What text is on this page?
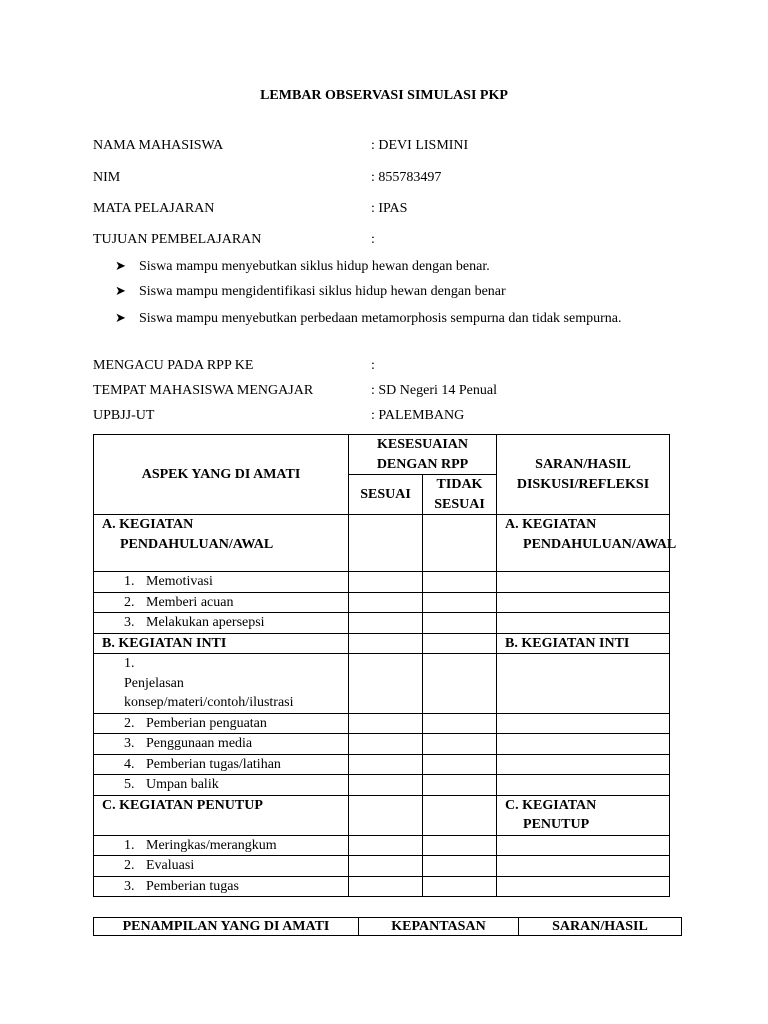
LEMBAR OBSERVASI SIMULASI PKP
NAMA MAHASISWA	: DEVI LISMINI
NIM	: 855783497
MATA PELAJARAN	: IPAS
TUJUAN PEMBELAJARAN	:
➤ Siswa mampu menyebutkan siklus hidup hewan dengan benar.
➤ Siswa mampu mengidentifikasi siklus hidup hewan dengan benar
➤ Siswa mampu menyebutkan perbedaan metamorphosis sempurna dan tidak sempurna.
MENGACU PADA RPP KE	:
TEMPAT MAHASISWA MENGAJAR	: SD Negeri 14 Penual
UPBJJ-UT	: PALEMBANG
ASPEK YANG DI AMATI	KESESUAIAN DENGAN RPP		SARAN/HASIL DISKUSI/REFLEKSI
	SESUAI	TIDAK SESUAI	

A. KEGIATAN PENDAHULUAN/AWAL			A. KEGIATAN PENDAHULUAN/AWAL

1. Memotivasi			
2. Memberi acuan			
3. Melakukan apersepsi			
B. KEGIATAN INTI			B. KEGIATAN INTI
1.Penjelasan konsep/materi/contoh/ilustrasi			
2. Pemberian penguatan			
3. Penggunaan media			
4. Pemberian tugas/latihan			
5. Umpan balik			
C. KEGIATAN PENUTUP			C. KEGIATAN PENUTUP

1. Meringkas/merangkum			
2. Evaluasi			
3. Pemberian tugas			
PENAMPILAN YANG DI AMATI	KEPANTASAN	SARAN/HASIL
